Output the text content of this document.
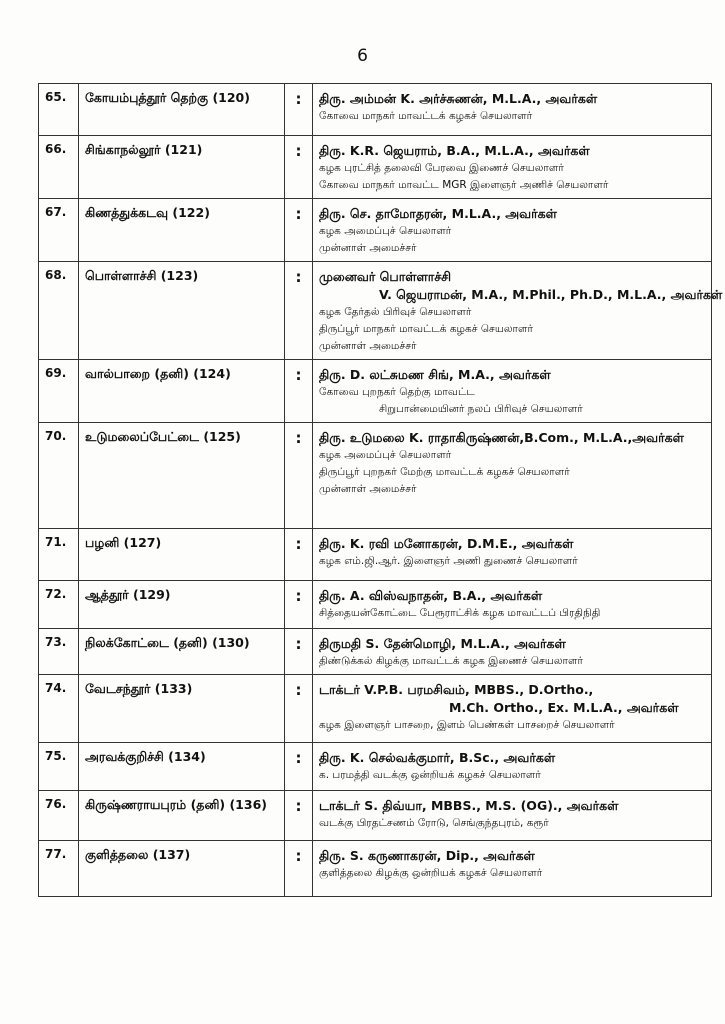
6
65.	கோயம்புத்தூர் தெற்கு (120)	:	திரு. அம்மன் K. அர்ச்சுணன், M.L.A., அவர்கள்
கோவை மாநகர் மாவட்டக் கழகச் செயலாளர்

66.	சிங்காநல்லூர் (121)	:	திரு. K.R. ஜெயராம், B.A., M.L.A., அவர்கள்
கழக புரட்சித் தலைவி பேரவை இணைச் செயலாளர்
கோவை மாநகர் மாவட்ட MGR இளைஞர் அணிச் செயலாளர்

67.	கிணத்துக்கடவு (122)	:	திரு. செ. தாமோதரன், M.L.A., அவர்கள்
கழக அமைப்புச் செயலாளர்
முன்னாள் அமைச்சர்

68.	பொள்ளாச்சி (123)	:	முனைவர் பொள்ளாச்சி
V. ஜெயராமன், M.A., M.Phil., Ph.D., M.L.A., அவர்கள்
கழக தேர்தல் பிரிவுச் செயலாளர்
திருப்பூர் மாநகர் மாவட்டக் கழகச் செயலாளர்
முன்னாள் அமைச்சர்

69.	வால்பாறை (தனி) (124)	:	திரு. D. லட்சுமண சிங், M.A., அவர்கள்
கோவை புறநகர் தெற்கு மாவட்ட
சிறுபான்மையினர் நலப் பிரிவுச் செயலாளர்

70.	உடுமலைப்பேட்டை (125)	:	திரு. உடுமலை K. ராதாகிருஷ்ணன்,B.Com., M.L.A.,அவர்கள்
கழக அமைப்புச் செயலாளர்
திருப்பூர் புறநகர் மேற்கு மாவட்டக் கழகச் செயலாளர்
முன்னாள் அமைச்சர்

71.	பழனி (127)	:	திரு. K. ரவி மனோகரன், D.M.E., அவர்கள்
கழக எம்.ஜி.ஆர். இளைஞர் அணி துணைச் செயலாளர்

72.	ஆத்தூர் (129)	:	திரு. A. விஸ்வநாதன், B.A., அவர்கள்
சித்தையன்கோட்டை பேரூராட்சிக் கழக மாவட்டப் பிரதிநிதி

73.	நிலக்கோட்டை (தனி) (130)	:	திருமதி S. தேன்மொழி, M.L.A., அவர்கள்
திண்டுக்கல் கிழக்கு மாவட்டக் கழக இணைச் செயலாளர்

74.	வேடசந்தூர் (133)	:	டாக்டர் V.P.B. பரமசிவம், MBBS., D.Ortho.,
M.Ch. Ortho., Ex. M.L.A., அவர்கள்
கழக இளைஞர் பாசறை, இளம் பெண்கள் பாசறைச் செயலாளர்

75.	அரவக்குறிச்சி (134)	:	திரு. K. செல்வக்குமார், B.Sc., அவர்கள்
க. பரமத்தி வடக்கு ஒன்றியக் கழகச் செயலாளர்

76.	கிருஷ்ணராயபுரம் (தனி) (136)	:	டாக்டர் S. திவ்யா, MBBS., M.S. (OG)., அவர்கள்
வடக்கு பிரதட்சணம் ரோடு, செங்குந்தபுரம், கரூர்

77.	குளித்தலை (137)	:	திரு. S. கருணாகரன், Dip., அவர்கள்
குளித்தலை கிழக்கு ஒன்றியக் கழகச் செயலாளர்
